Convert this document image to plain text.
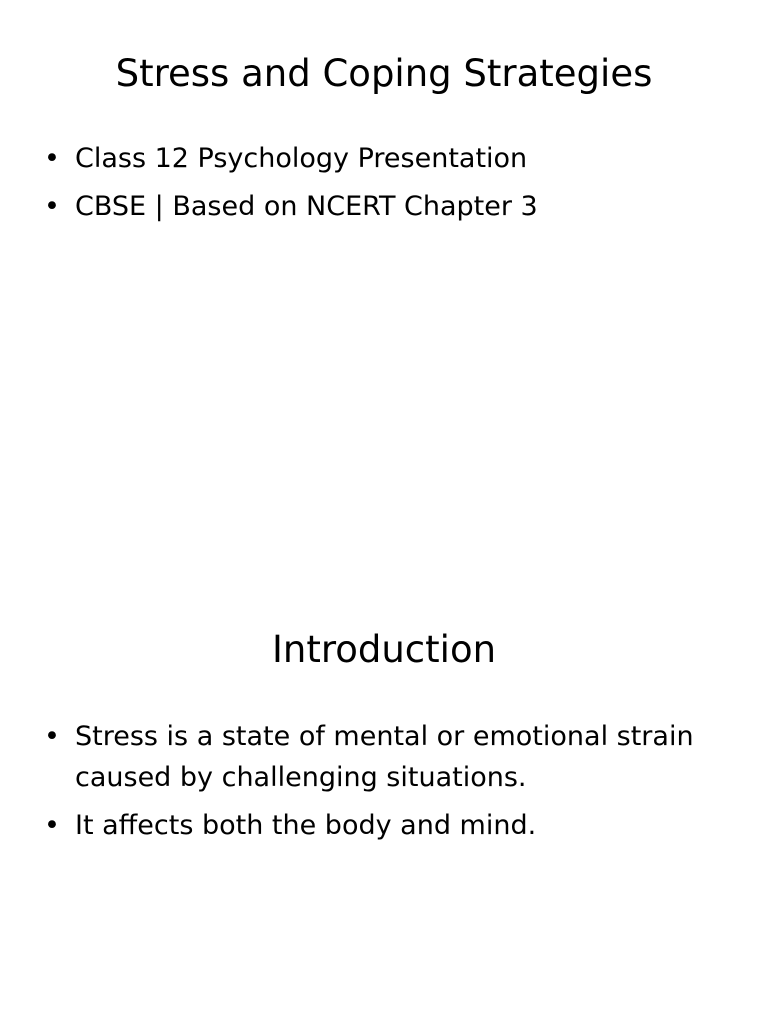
Stress and Coping Strategies
• Class 12 Psychology Presentation
• CBSE | Based on NCERT Chapter 3
Introduction
• Stress is a state of mental or emotional strain caused by challenging situations.
• It affects both the body and mind.
